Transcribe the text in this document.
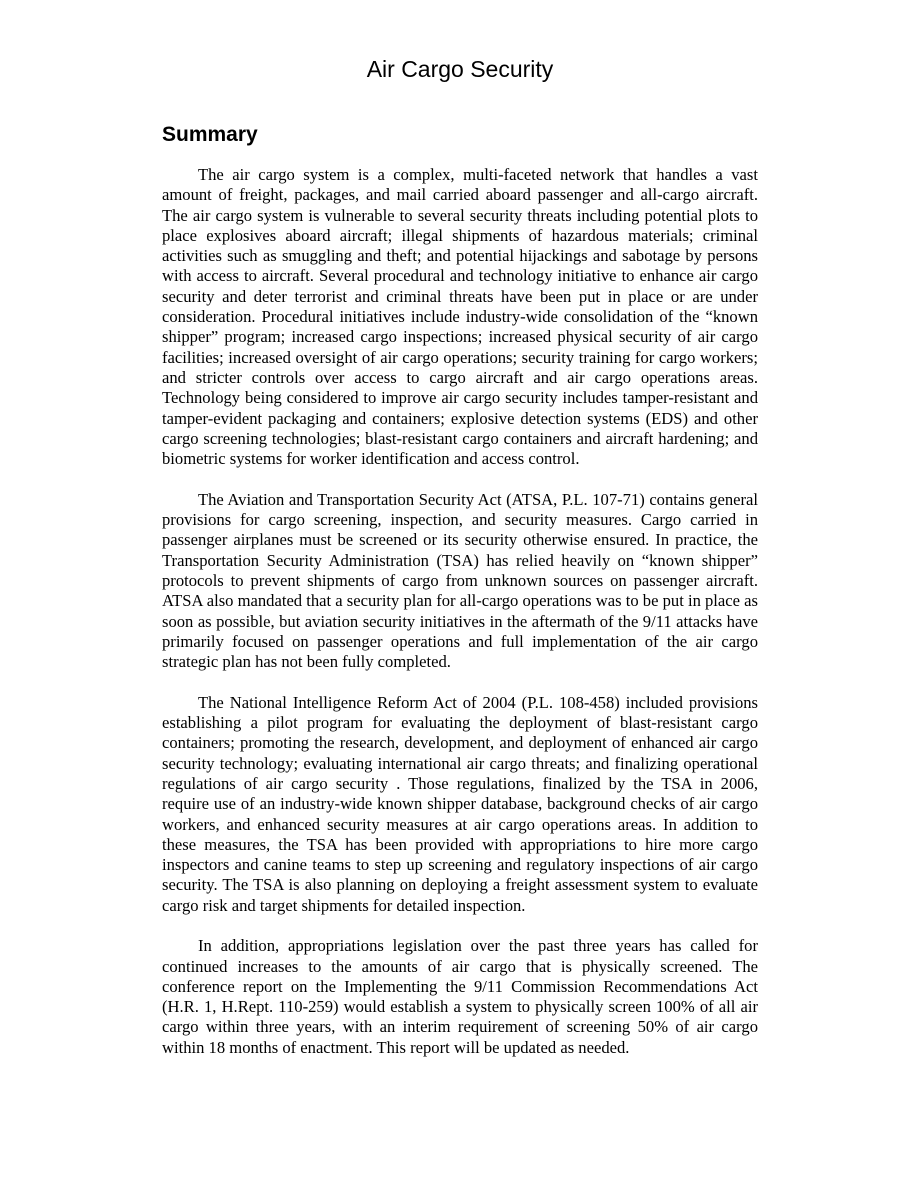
Air Cargo Security
Summary

The air cargo system is a complex, multi-faceted network that handles a vast amount of freight, packages, and mail carried aboard passenger and all-cargo aircraft. The air cargo system is vulnerable to several security threats including potential plots to place explosives aboard aircraft; illegal shipments of hazardous materials; criminal activities such as smuggling and theft; and potential hijackings and sabotage by persons with access to aircraft. Several procedural and technology initiative to enhance air cargo security and deter terrorist and criminal threats have been put in place or are under consideration. Procedural initiatives include industry-wide consolidation of the “known shipper” program; increased cargo inspections; increased physical security of air cargo facilities; increased oversight of air cargo operations; security training for cargo workers; and stricter controls over access to cargo aircraft and air cargo operations areas. Technology being considered to improve air cargo security includes tamper-resistant and tamper-evident packaging and containers; explosive detection systems (EDS) and other cargo screening technologies; blast-resistant cargo containers and aircraft hardening; and biometric systems for worker identification and access control.

The Aviation and Transportation Security Act (ATSA, P.L. 107-71) contains general provisions for cargo screening, inspection, and security measures. Cargo carried in passenger airplanes must be screened or its security otherwise ensured. In practice, the Transportation Security Administration (TSA) has relied heavily on “known shipper” protocols to prevent shipments of cargo from unknown sources on passenger aircraft. ATSA also mandated that a security plan for all-cargo operations was to be put in place as soon as possible, but aviation security initiatives in the aftermath of the 9/11 attacks have primarily focused on passenger operations and full implementation of the air cargo strategic plan has not been fully completed.

The National Intelligence Reform Act of 2004 (P.L. 108-458) included provisions establishing a pilot program for evaluating the deployment of blast-resistant cargo containers; promoting the research, development, and deployment of enhanced air cargo security technology; evaluating international air cargo threats; and finalizing operational regulations of air cargo security . Those regulations, finalized by the TSA in 2006, require use of an industry-wide known shipper database, background checks of air cargo workers, and enhanced security measures at air cargo operations areas. In addition to these measures, the TSA has been provided with appropriations to hire more cargo inspectors and canine teams to step up screening and regulatory inspections of air cargo security. The TSA is also planning on deploying a freight assessment system to evaluate cargo risk and target shipments for detailed inspection.

In addition, appropriations legislation over the past three years has called for continued increases to the amounts of air cargo that is physically screened. The conference report on the Implementing the 9/11 Commission Recommendations Act (H.R. 1, H.Rept. 110-259) would establish a system to physically screen 100% of all air cargo within three years, with an interim requirement of screening 50% of air cargo within 18 months of enactment. This report will be updated as needed.
